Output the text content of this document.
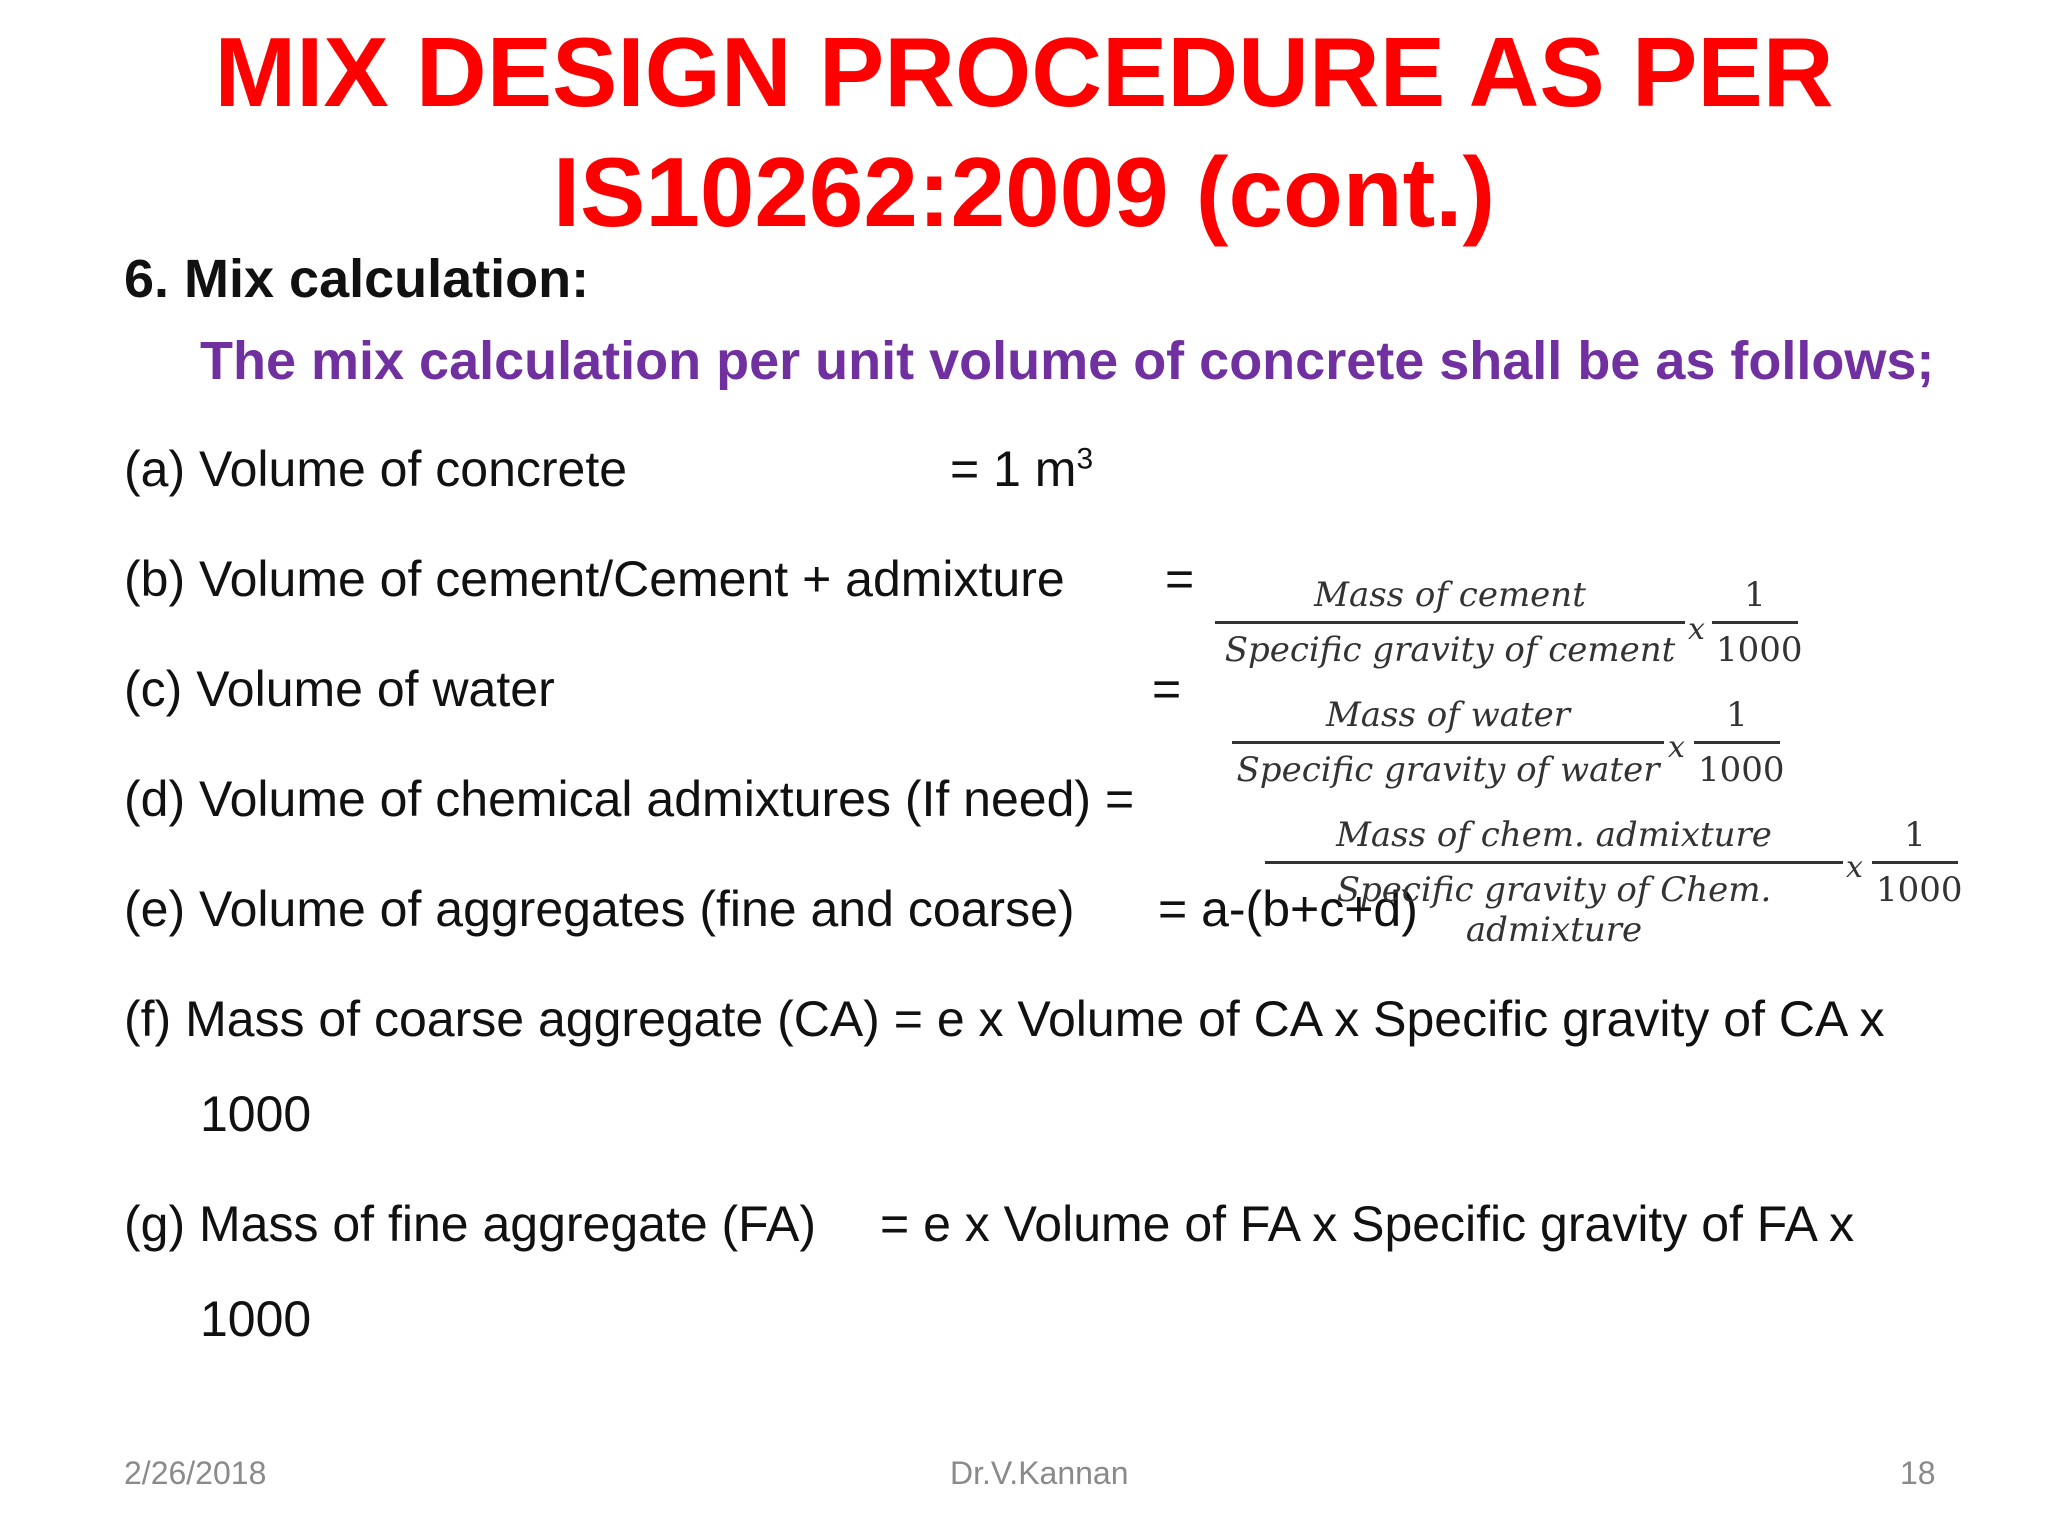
MIX DESIGN PROCEDURE AS PER
IS10262:2009 (cont.)
6. Mix calculation:
The mix calculation per unit volume of concrete shall be as follows;
(a) Volume of concrete	= 1 $m^3$
(b) Volume of cement/Cement + admixture =
(c) Volume of water	=
(d) Volume of chemical admixtures (If need) =
(e) Volume of aggregates (fine and coarse) = a-(b+c+d)
(f) Mass of coarse aggregate (CA) = e x Volume of CA x Specific gravity of CA x
1000
(g) Mass of fine aggregate (FA) = e x Volume of FA x Specific gravity of FA x
1000
Mass of cement
Specific gravity of cement
x $\frac{1}{1000}$
Mass of water
Specific gravity of water
x $\frac{1}{1000}$
Mass of chem. admixture
Specific gravity of Chem. admixture
x $\frac{1}{1000}$
2/26/2018	Dr.V.Kannan	18
